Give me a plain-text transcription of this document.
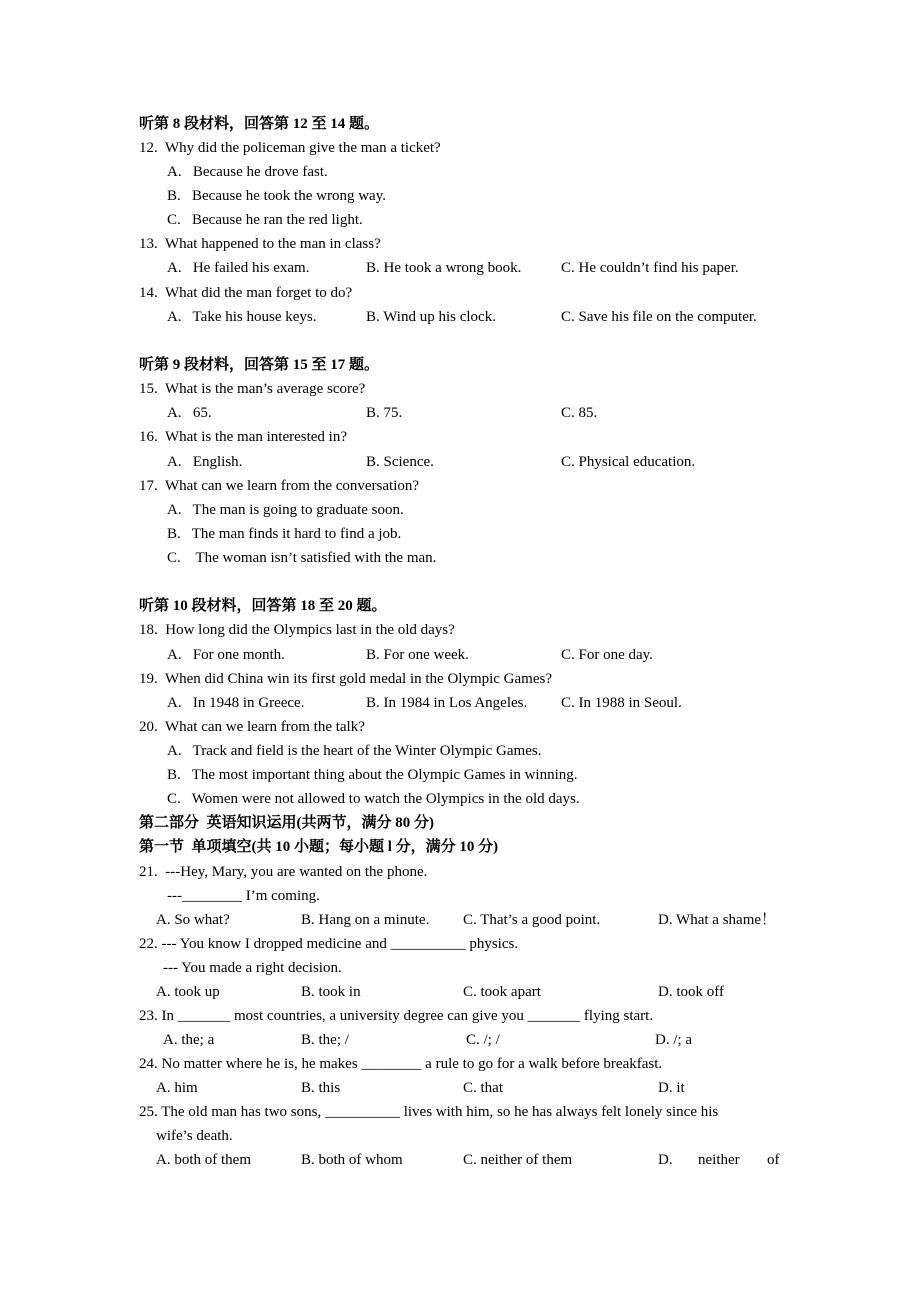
听第 8 段材料，回答第 12 至 14 题。
12.  Why did the policeman give the man a ticket?
A.   Because he drove fast.
B.   Because he took the wrong way.
C.   Because he ran the red light.
13.  What happened to the man in class?
A.   He failed his exam.	B. He took a wrong book.	C. He couldn’t find his paper.
14.  What did the man forget to do?
A.   Take his house keys.	B. Wind up his clock.	C. Save his file on the computer.
听第 9 段材料，回答第 15 至 17 题。
15.  What is the man’s average score?
A.   65.	B. 75.	C. 85.
16.  What is the man interested in?
A.   English.	B. Science.	C. Physical education.
17.  What can we learn from the conversation?
A.   The man is going to graduate soon.
B.   The man finds it hard to find a job.
C.    The woman isn’t satisfied with the man.
听第 10 段材料，回答第 18 至 20 题。
18.  How long did the Olympics last in the old days?
A.   For one month.	B. For one week.	C. For one day.
19.  When did China win its first gold medal in the Olympic Games?
A.   In 1948 in Greece.	B. In 1984 in Los Angeles. C. In 1988 in Seoul.
20.  What can we learn from the talk?
A.   Track and field is the heart of the Winter Olympic Games.
B.   The most important thing about the Olympic Games in winning.
C.   Women were not allowed to watch the Olympics in the old days.
第二部分  英语知识运用(共两节，满分 80 分)
第一节  单项填空(共 10 小题；每小题 l 分，满分 10 分)
21.  ---Hey, Mary, you are wanted on the phone.
---________ I’m coming.
A. So what?	B. Hang on a minute. C. That’s a good point.	D. What a shame！
22. --- You know I dropped medicine and __________ physics.
--- You made a right decision.
A. took up	B. took in	C. took apart	D. took off
23. In _______ most countries, a university degree can give you _______ flying start.
A. the; a	B. the; /	C. /; /	D. /; a
24. No matter where he is, he makes ________ a rule to go for a walk before breakfast.
A. him	B. this	C. that	D. it
25. The old man has two sons, __________ lives with him, so he has always felt lonely since his
wife’s death.
A. both of them	B. both of whom	C. neither of them	D. neither of
